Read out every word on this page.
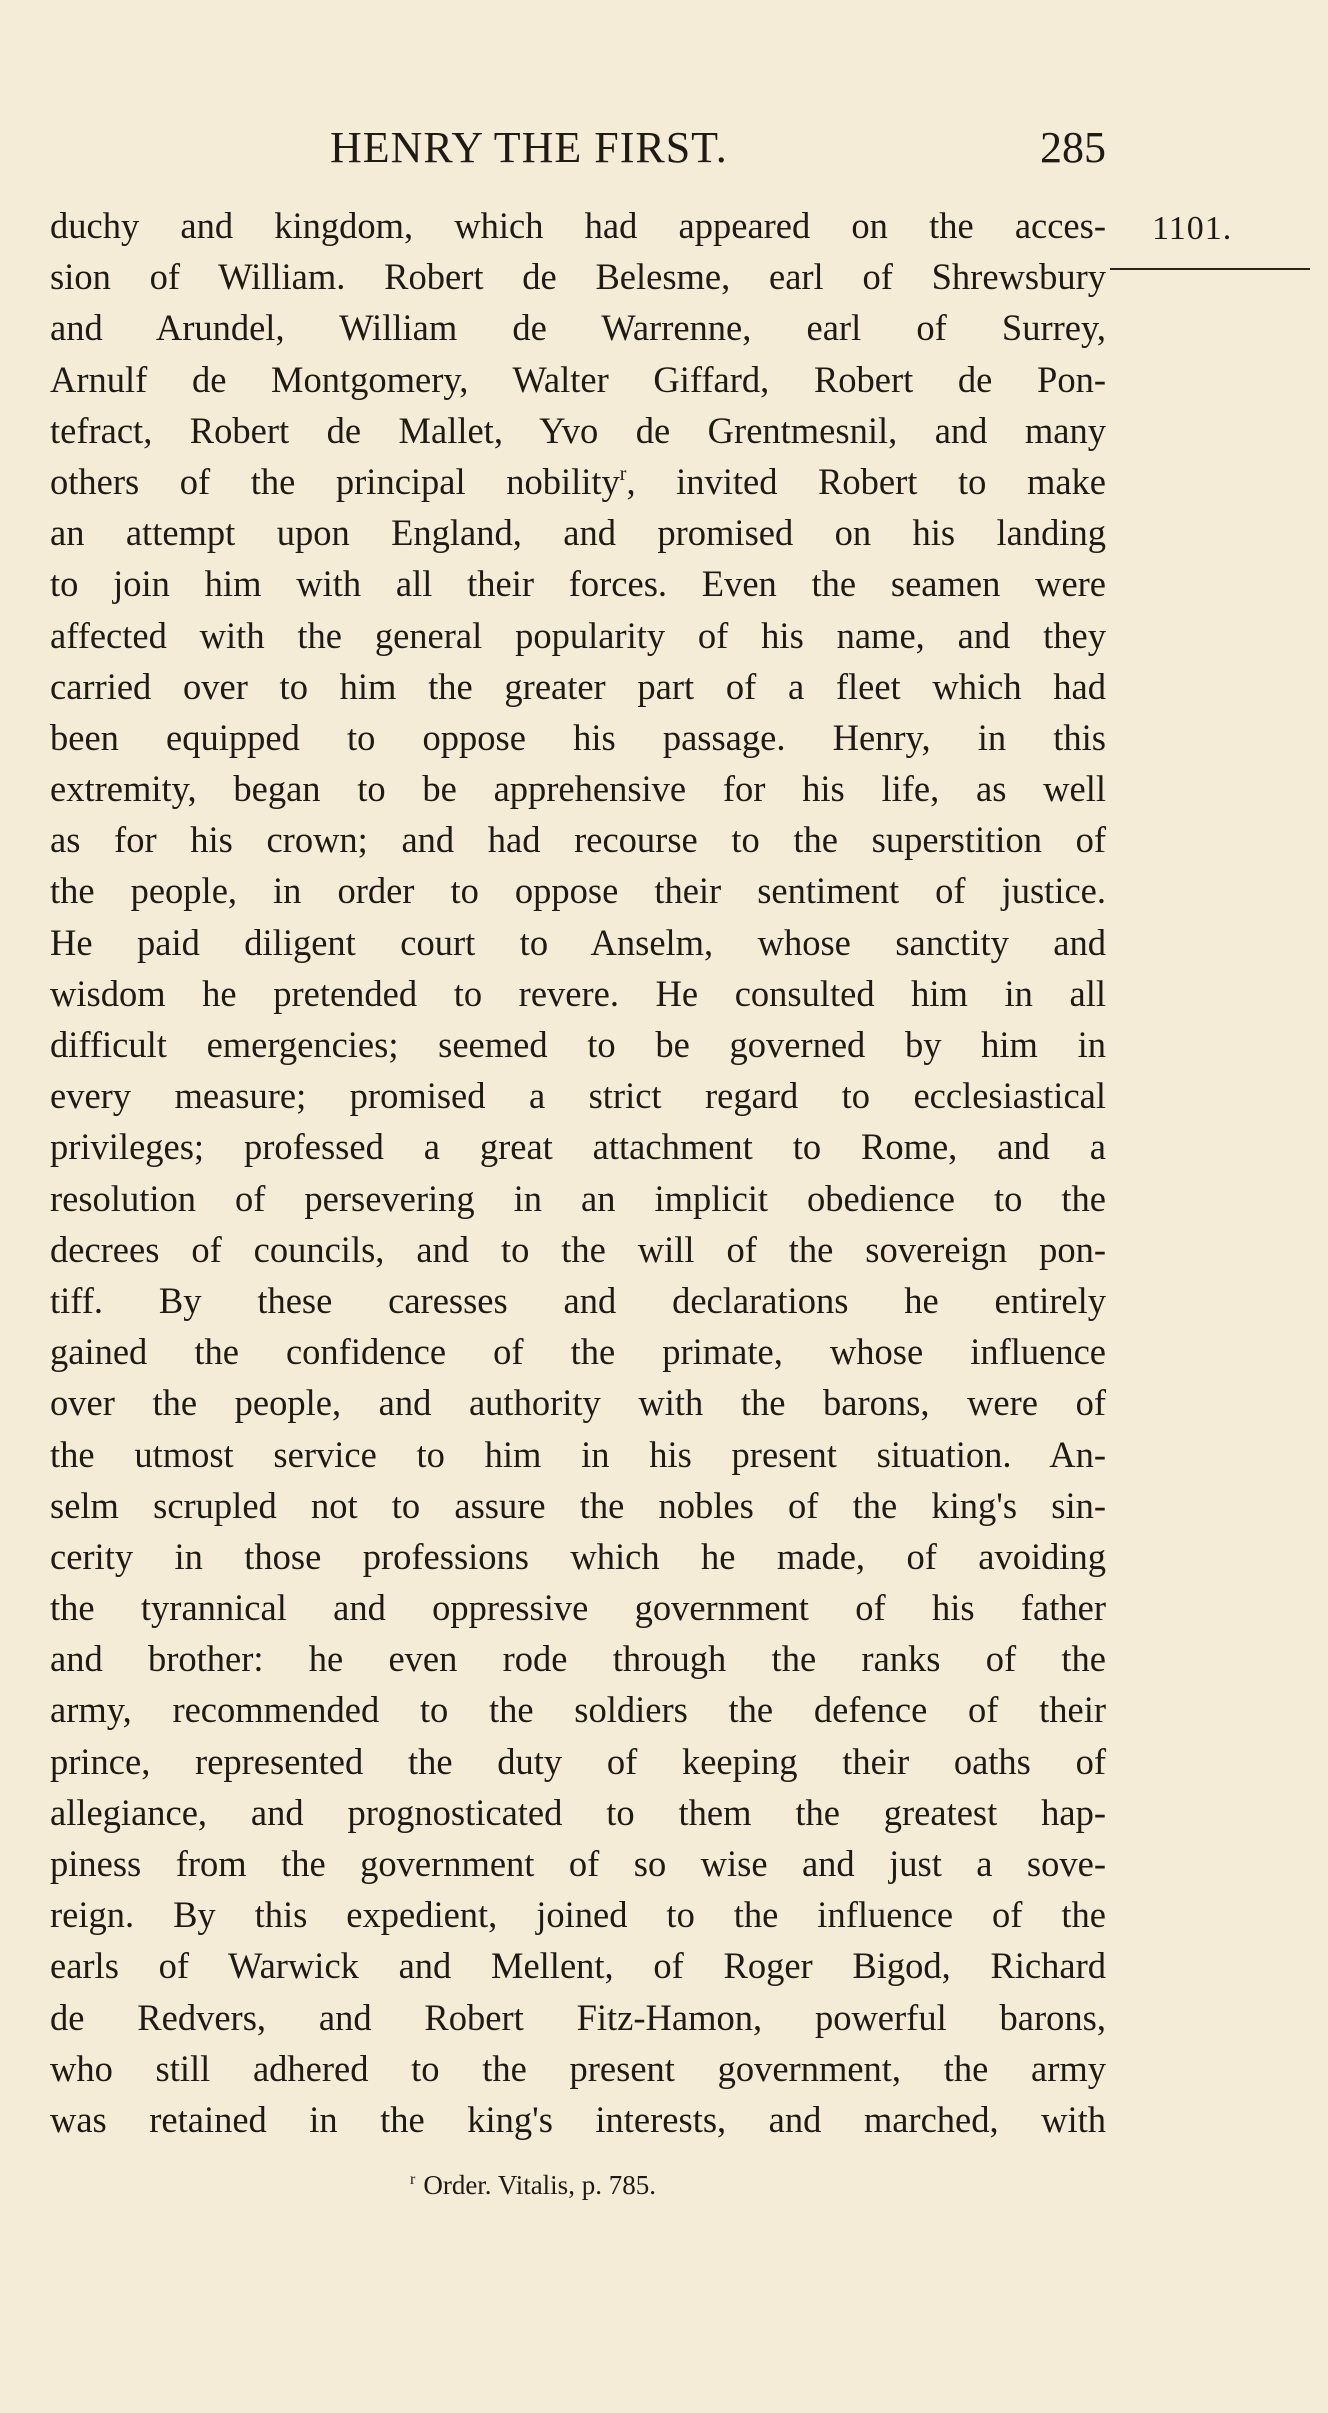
HENRY THE FIRST.	285
1101.
duchy and kingdom, which had appeared on the acces-
sion of William. Robert de Belesme, earl of Shrewsbury
and Arundel, William de Warrenne, earl of Surrey,
Arnulf de Montgomery, Walter Giffard, Robert de Pon-
tefract, Robert de Mallet, Yvo de Grentmesnil, and many
others of the principal nobility$^r$, invited Robert to make
an attempt upon England, and promised on his landing
to join him with all their forces. Even the seamen were
affected with the general popularity of his name, and they
carried over to him the greater part of a fleet which had
been equipped to oppose his passage. Henry, in this
extremity, began to be apprehensive for his life, as well
as for his crown; and had recourse to the superstition of
the people, in order to oppose their sentiment of justice.
He paid diligent court to Anselm, whose sanctity and
wisdom he pretended to revere. He consulted him in all
difficult emergencies; seemed to be governed by him in
every measure; promised a strict regard to ecclesiastical
privileges; professed a great attachment to Rome, and a
resolution of persevering in an implicit obedience to the
decrees of councils, and to the will of the sovereign pon-
tiff. By these caresses and declarations he entirely
gained the confidence of the primate, whose influence
over the people, and authority with the barons, were of
the utmost service to him in his present situation. An-
selm scrupled not to assure the nobles of the king's sin-
cerity in those professions which he made, of avoiding
the tyrannical and oppressive government of his father
and brother: he even rode through the ranks of the
army, recommended to the soldiers the defence of their
prince, represented the duty of keeping their oaths of
allegiance, and prognosticated to them the greatest hap-
piness from the government of so wise and just a sove-
reign. By this expedient, joined to the influence of the
earls of Warwick and Mellent, of Roger Bigod, Richard
de Redvers, and Robert Fitz-Hamon, powerful barons,
who still adhered to the present government, the army
was retained in the king's interests, and marched, with
$^r$ Order. Vitalis, p. 785.
